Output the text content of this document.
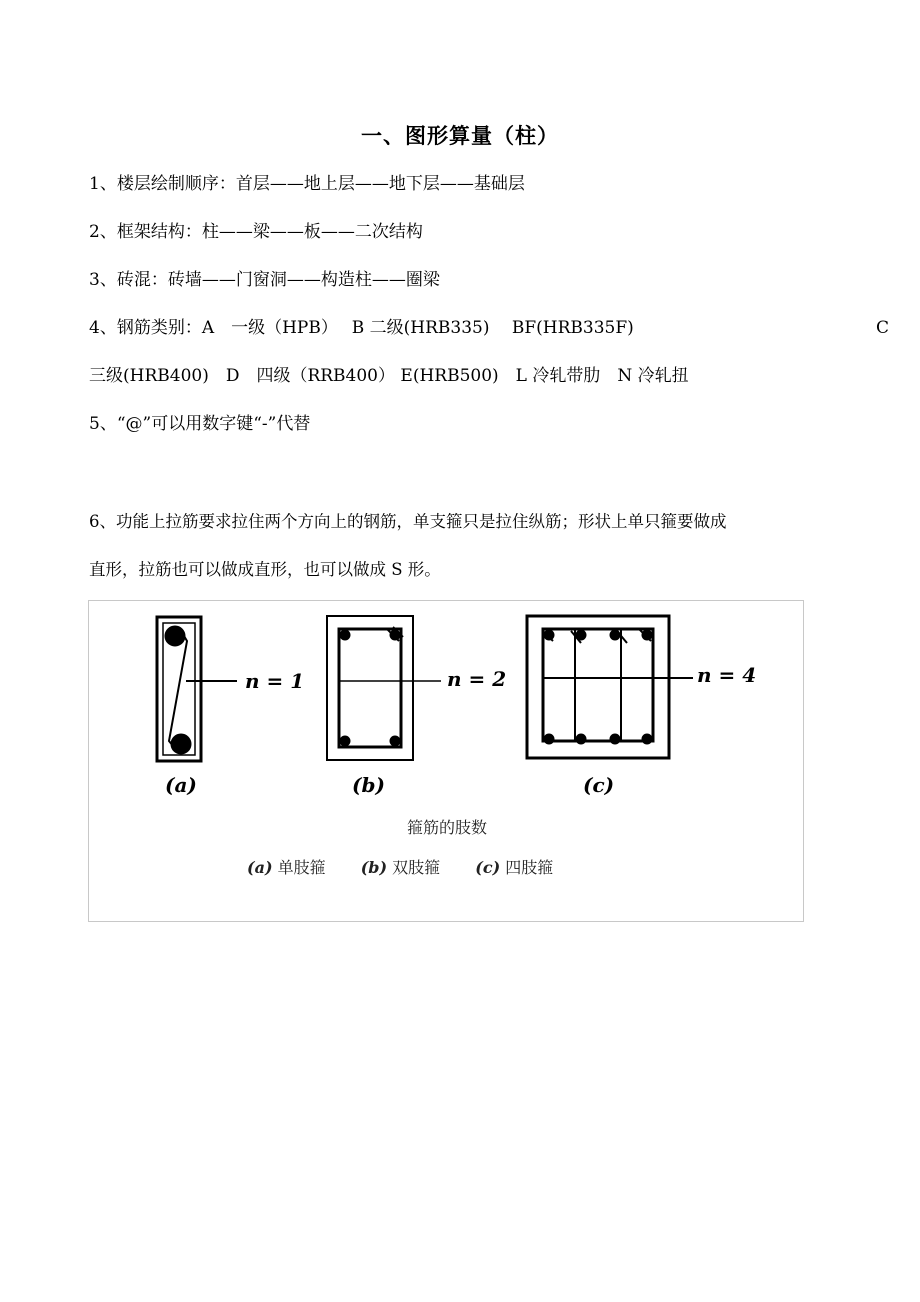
一、图形算量（柱）
1、楼层绘制顺序：首层——地上层——地下层——基础层
2、框架结构：柱——梁——板——二次结构
3、砖混：砖墙——门窗洞——构造柱——圈梁
4、钢筋类别：A　一级（HPB）　 B 二级(HRB335)　 BF(HRB335F)	C
三级(HRB400)　D　四级（RRB400） E(HRB500)　L 冷轧带肋　N 冷轧扭
5、“@”可以用数字键“-”代替
6、功能上拉筋要求拉住两个方向上的钢筋，单支箍只是拉住纵筋；形状上单只箍要做成
直形，拉筋也可以做成直形，也可以做成 S 形。
n = 1	n = 2	n = 4
(a)	(b)	(c)
箍筋的肢数
(a) 单肢箍 (b) 双肢箍 (c) 四肢箍
